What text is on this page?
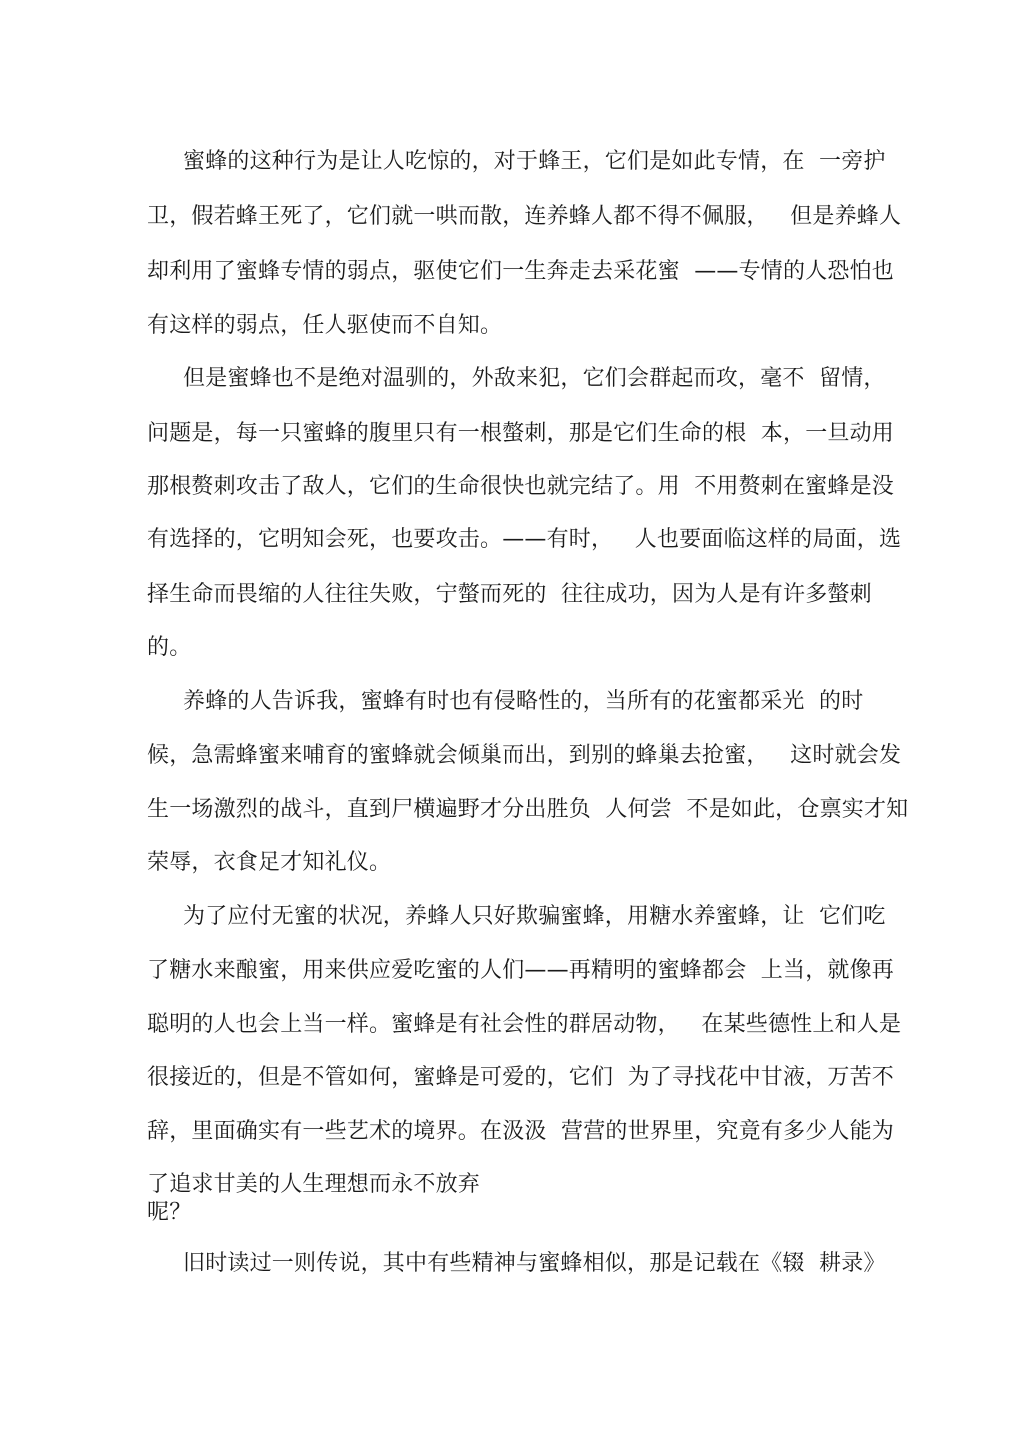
蜜蜂的这种行为是让人吃惊的，对于蜂王，它们是如此专情，在  一旁护
卫，假若蜂王死了，它们就一哄而散，连养蜂人都不得不佩服，   但是养蜂人
却利用了蜜蜂专情的弱点，驱使它们一生奔走去采花蜜  ——专情的人恐怕也
有这样的弱点，任人驱使而不自知。
但是蜜蜂也不是绝对温驯的，外敌来犯，它们会群起而攻，毫不  留情，
问题是，每一只蜜蜂的腹里只有一根螫刺，那是它们生命的根  本，一旦动用
那根赘刺攻击了敌人，它们的生命很快也就完结了。用  不用赘刺在蜜蜂是没
有选择的，它明知会死，也要攻击。——有时，   人也要面临这样的局面，选
择生命而畏缩的人往往失败，宁螫而死的  往往成功，因为人是有许多螫刺
的。
养蜂的人告诉我，蜜蜂有时也有侵略性的，当所有的花蜜都采光  的时
候，急需蜂蜜来哺育的蜜蜂就会倾巢而出，到别的蜂巢去抢蜜，   这时就会发
生一场激烈的战斗，直到尸横遍野才分出胜负  人何尝  不是如此，仓禀实才知
荣辱，衣食足才知礼仪。
为了应付无蜜的状况，养蜂人只好欺骗蜜蜂，用糖水养蜜蜂，让  它们吃
了糖水来酿蜜，用来供应爱吃蜜的人们——再精明的蜜蜂都会  上当，就像再
聪明的人也会上当一样。蜜蜂是有社会性的群居动物，   在某些德性上和人是
很接近的，但是不管如何，蜜蜂是可爱的，它们  为了寻找花中甘液，万苦不
辞，里面确实有一些艺术的境界。在汲汲  营营的世界里，究竟有多少人能为
了追求甘美的人生理想而永不放弃
呢？
旧时读过一则传说，其中有些精神与蜜蜂相似，那是记载在《辍  耕录》
